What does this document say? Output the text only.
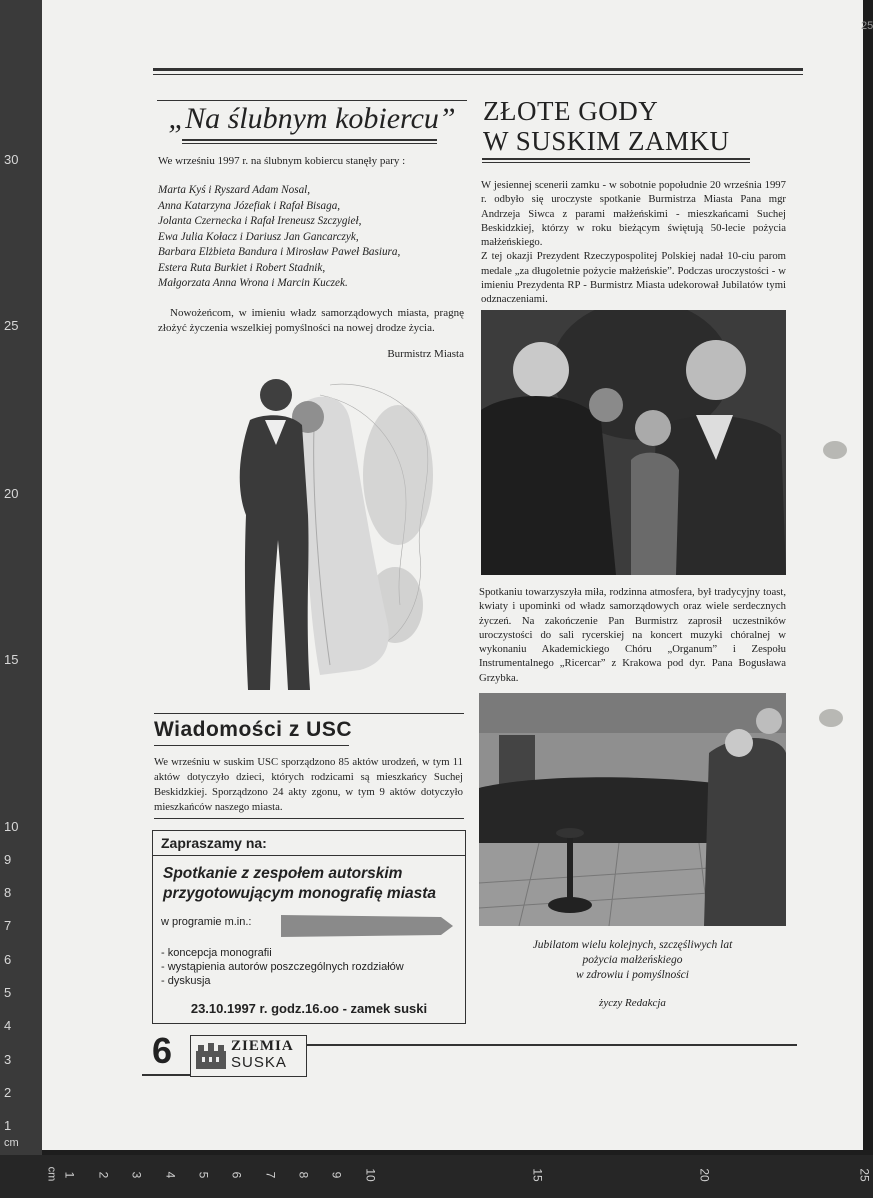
30
25
20
15
10
9
8
7
6
5
4
3
2
1
cm
cm 1 2 3 4 5 6 7 8 9 10	15	20	25
25
„Na ślubnym kobiercu”
We wrześniu 1997 r. na ślubnym kobiercu stanęły pary :
Marta Kyś i Ryszard Adam Nosal,
Anna Katarzyna Józefiak i Rafał Bisaga,
Jolanta Czernecka i Rafał Ireneusz Szczygieł,
Ewa Julia Kołacz i Dariusz Jan Gancarczyk,
Barbara Elżbieta Bandura i Mirosław Paweł Basiura,
Estera Ruta Burkiet i Robert Stadnik,
Małgorzata Anna Wrona i Marcin Kuczek.
Nowożeńcom, w imieniu władz samorządowych miasta, pragnę złożyć życzenia wszelkiej pomyślności na nowej drodze życia.
Burmistrz Miasta
Wiadomości z USC
We wrześniu w suskim USC sporządzono 85 aktów urodzeń, w tym 11 aktów dotyczyło dzieci, których rodzicami są mieszkańcy Suchej Beskidzkiej. Sporządzono 24 akty zgonu, w tym 9 aktów dotyczyło mieszkańców naszego miasta.
Zapraszamy na:
Spotkanie z zespołem autorskim przygotowującym monografię miasta
w programie m.in.:
- koncepcja monografii
- wystąpienia autorów poszczególnych rozdziałów
- dyskusja
23.10.1997 r. godz.16.oo - zamek suski
ZŁOTE GODY
W SUSKIM ZAMKU
W jesiennej scenerii zamku - w sobotnie popołudnie 20 września 1997 r. odbyło się uroczyste spotkanie Burmistrza Miasta Pana mgr Andrzeja Siwca z parami małżeńskimi - mieszkańcami Suchej Beskidzkiej, którzy w roku bieżącym świętują 50-lecie pożycia małżeńskiego.
Z tej okazji Prezydent Rzeczypospolitej Polskiej nadał 10-ciu parom medale „za długoletnie pożycie małżeńskie”. Podczas uroczystości - w imieniu Prezydenta RP - Burmistrz Miasta udekorował Jubilatów tymi odznaczeniami.
Spotkaniu towarzyszyła miła, rodzinna atmosfera, był tradycyjny toast, kwiaty i upominki od władz samorządowych oraz wiele serdecznych życzeń. Na zakończenie Pan Burmistrz zaprosił uczestników uroczystości do sali rycerskiej na koncert muzyki chóralnej w wykonaniu Akademickiego Chóru „Organum” i Zespołu Instrumentalnego „Ricercar” z Krakowa pod dyr. Pana Bogusława Grzybka.
Jubilatom wielu kolejnych, szczęśliwych lat
pożycia małżeńskiego
w zdrowiu i pomyślności
życzy Redakcja
6	ZIEMIA
SUSKA
